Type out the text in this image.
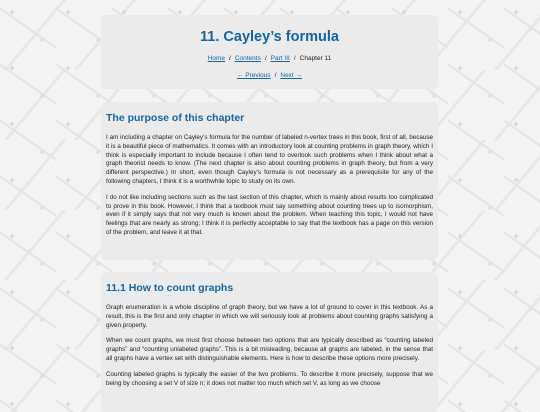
11. Cayley’s formula
Home / Contents / Part III / Chapter 11
← Previous / Next →
The purpose of this chapter

I am including a chapter on Cayley’s formula for the number of labeled n-vertex trees in this book, first of all, because it is a beautiful piece of mathematics. It comes with an introductory look at counting problems in graph theory, which I think is especially important to include because I often tend to overlook such problems when I think about what a graph theorist needs to know. (The next chapter is also about counting problems in graph theory, but from a very different perspective.) In short, even though Cayley’s formula is not necessary as a prerequisite for any of the following chapters, I think it is a worthwhile topic to study on its own.

I do not like including sections such as the last section of this chapter, which is mainly about results too complicated to prove in this book. However, I think that a textbook must say something about counting trees up to isomorphism, even if it simply says that not very much is known about the problem. When teaching this topic, I would not have feelings that are nearly as strong; I think it is perfectly acceptable to say that the textbook has a page on this version of the problem, and leave it at that.

11.1 How to count graphs

Graph enumeration is a whole discipline of graph theory, but we have a lot of ground to cover in this textbook. As a result, this is the first and only chapter in which we will seriously look at problems about counting graphs satisfying a given property.

When we count graphs, we must first choose between two options that are typically described as “counting labeled graphs” and “counting unlabeled graphs”. This is a bit misleading, because all graphs are labeled, in the sense that all graphs have a vertex set with distinguishable elements. Here is how to describe these options more precisely.

Counting labeled graphs is typically the easier of the two problems. To describe it more precisely, suppose that we being by choosing a set V of size n; it does not matter too much which set V, as long as we choose
